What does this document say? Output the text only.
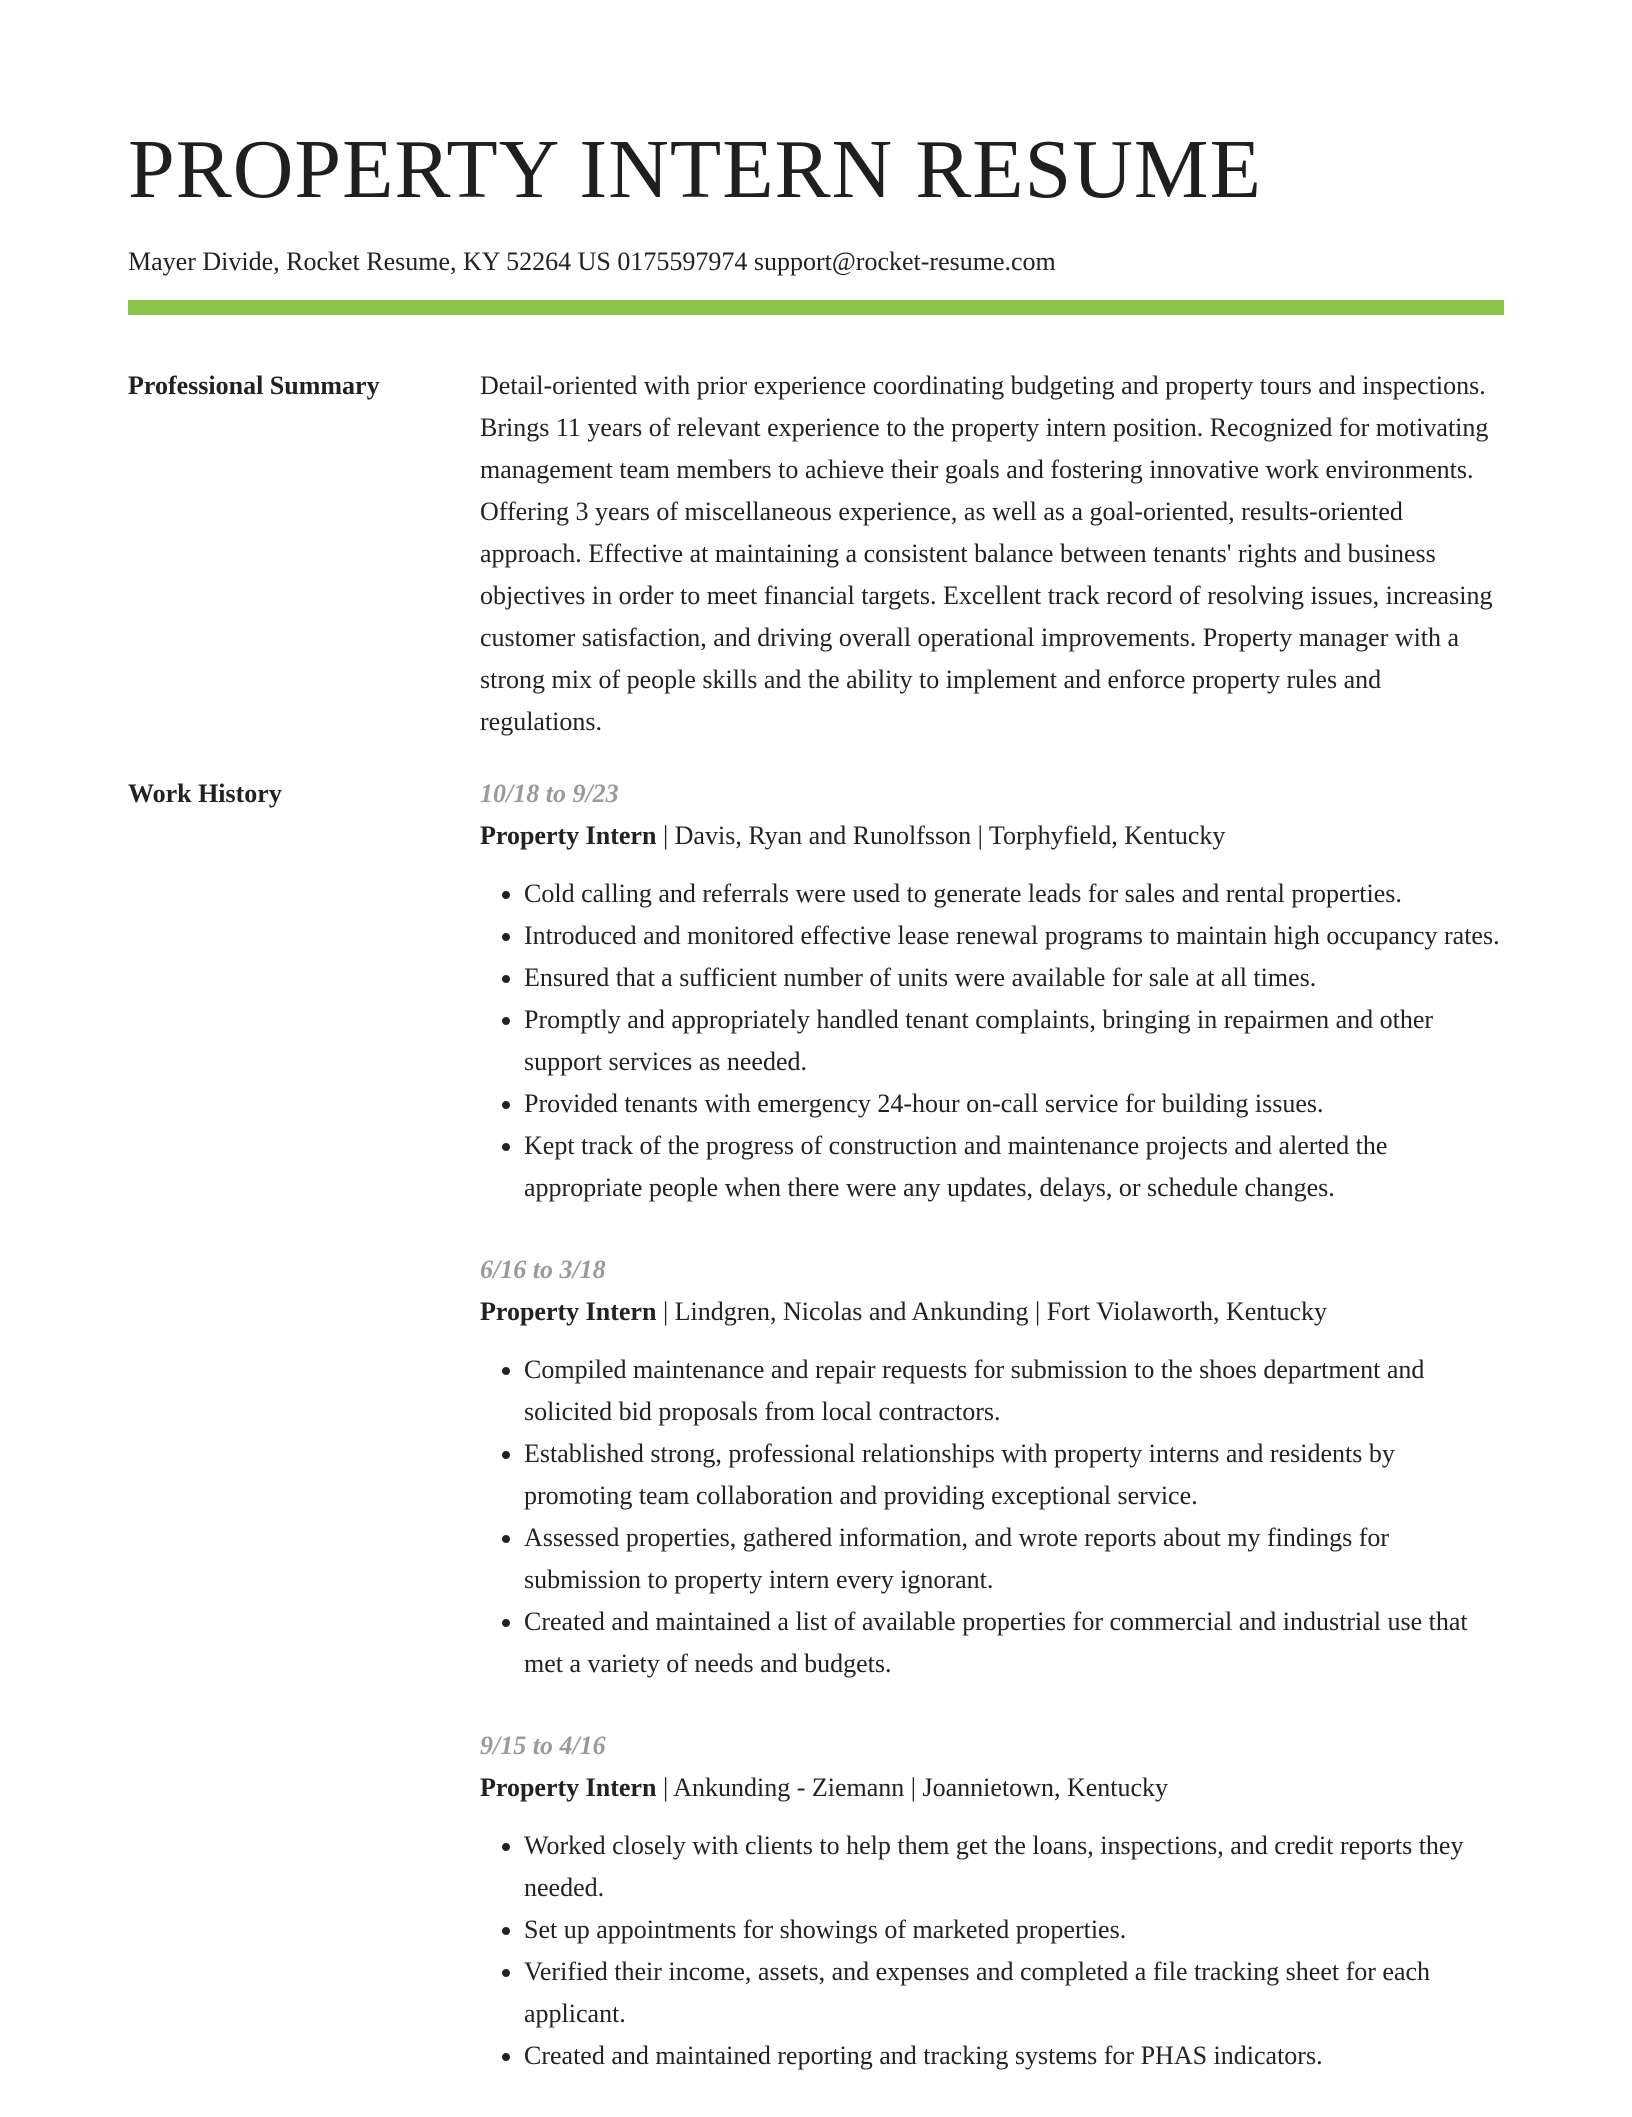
PROPERTY INTERN RESUME
Mayer Divide, Rocket Resume, KY 52264 US 0175597974 support@rocket-resume.com
Professional Summary	Detail-oriented with prior experience coordinating budgeting and property tours and inspections. Brings 11 years of relevant experience to the property intern position. Recognized for motivating management team members to achieve their goals and fostering innovative work environments. Offering 3 years of miscellaneous experience, as well as a goal-oriented, results-oriented approach. Effective at maintaining a consistent balance between tenants' rights and business objectives in order to meet financial targets. Excellent track record of resolving issues, increasing customer satisfaction, and driving overall operational improvements. Property manager with a strong mix of people skills and the ability to implement and enforce property rules and regulations.
Work History	10/18 to 9/23
Property Intern | Davis, Ryan and Runolfsson | Torphyfield, Kentucky
• Cold calling and referrals were used to generate leads for sales and rental properties.
• Introduced and monitored effective lease renewal programs to maintain high occupancy rates.
• Ensured that a sufficient number of units were available for sale at all times.
• Promptly and appropriately handled tenant complaints, bringing in repairmen and other support services as needed.
• Provided tenants with emergency 24-hour on-call service for building issues.
• Kept track of the progress of construction and maintenance projects and alerted the appropriate people when there were any updates, delays, or schedule changes.
6/16 to 3/18
Property Intern | Lindgren, Nicolas and Ankunding | Fort Violaworth, Kentucky
• Compiled maintenance and repair requests for submission to the shoes department and solicited bid proposals from local contractors.
• Established strong, professional relationships with property interns and residents by promoting team collaboration and providing exceptional service.
• Assessed properties, gathered information, and wrote reports about my findings for submission to property intern every ignorant.
• Created and maintained a list of available properties for commercial and industrial use that met a variety of needs and budgets.
9/15 to 4/16
Property Intern | Ankunding - Ziemann | Joannietown, Kentucky
• Worked closely with clients to help them get the loans, inspections, and credit reports they needed.
• Set up appointments for showings of marketed properties.
• Verified their income, assets, and expenses and completed a file tracking sheet for each applicant.
• Created and maintained reporting and tracking systems for PHAS indicators.
